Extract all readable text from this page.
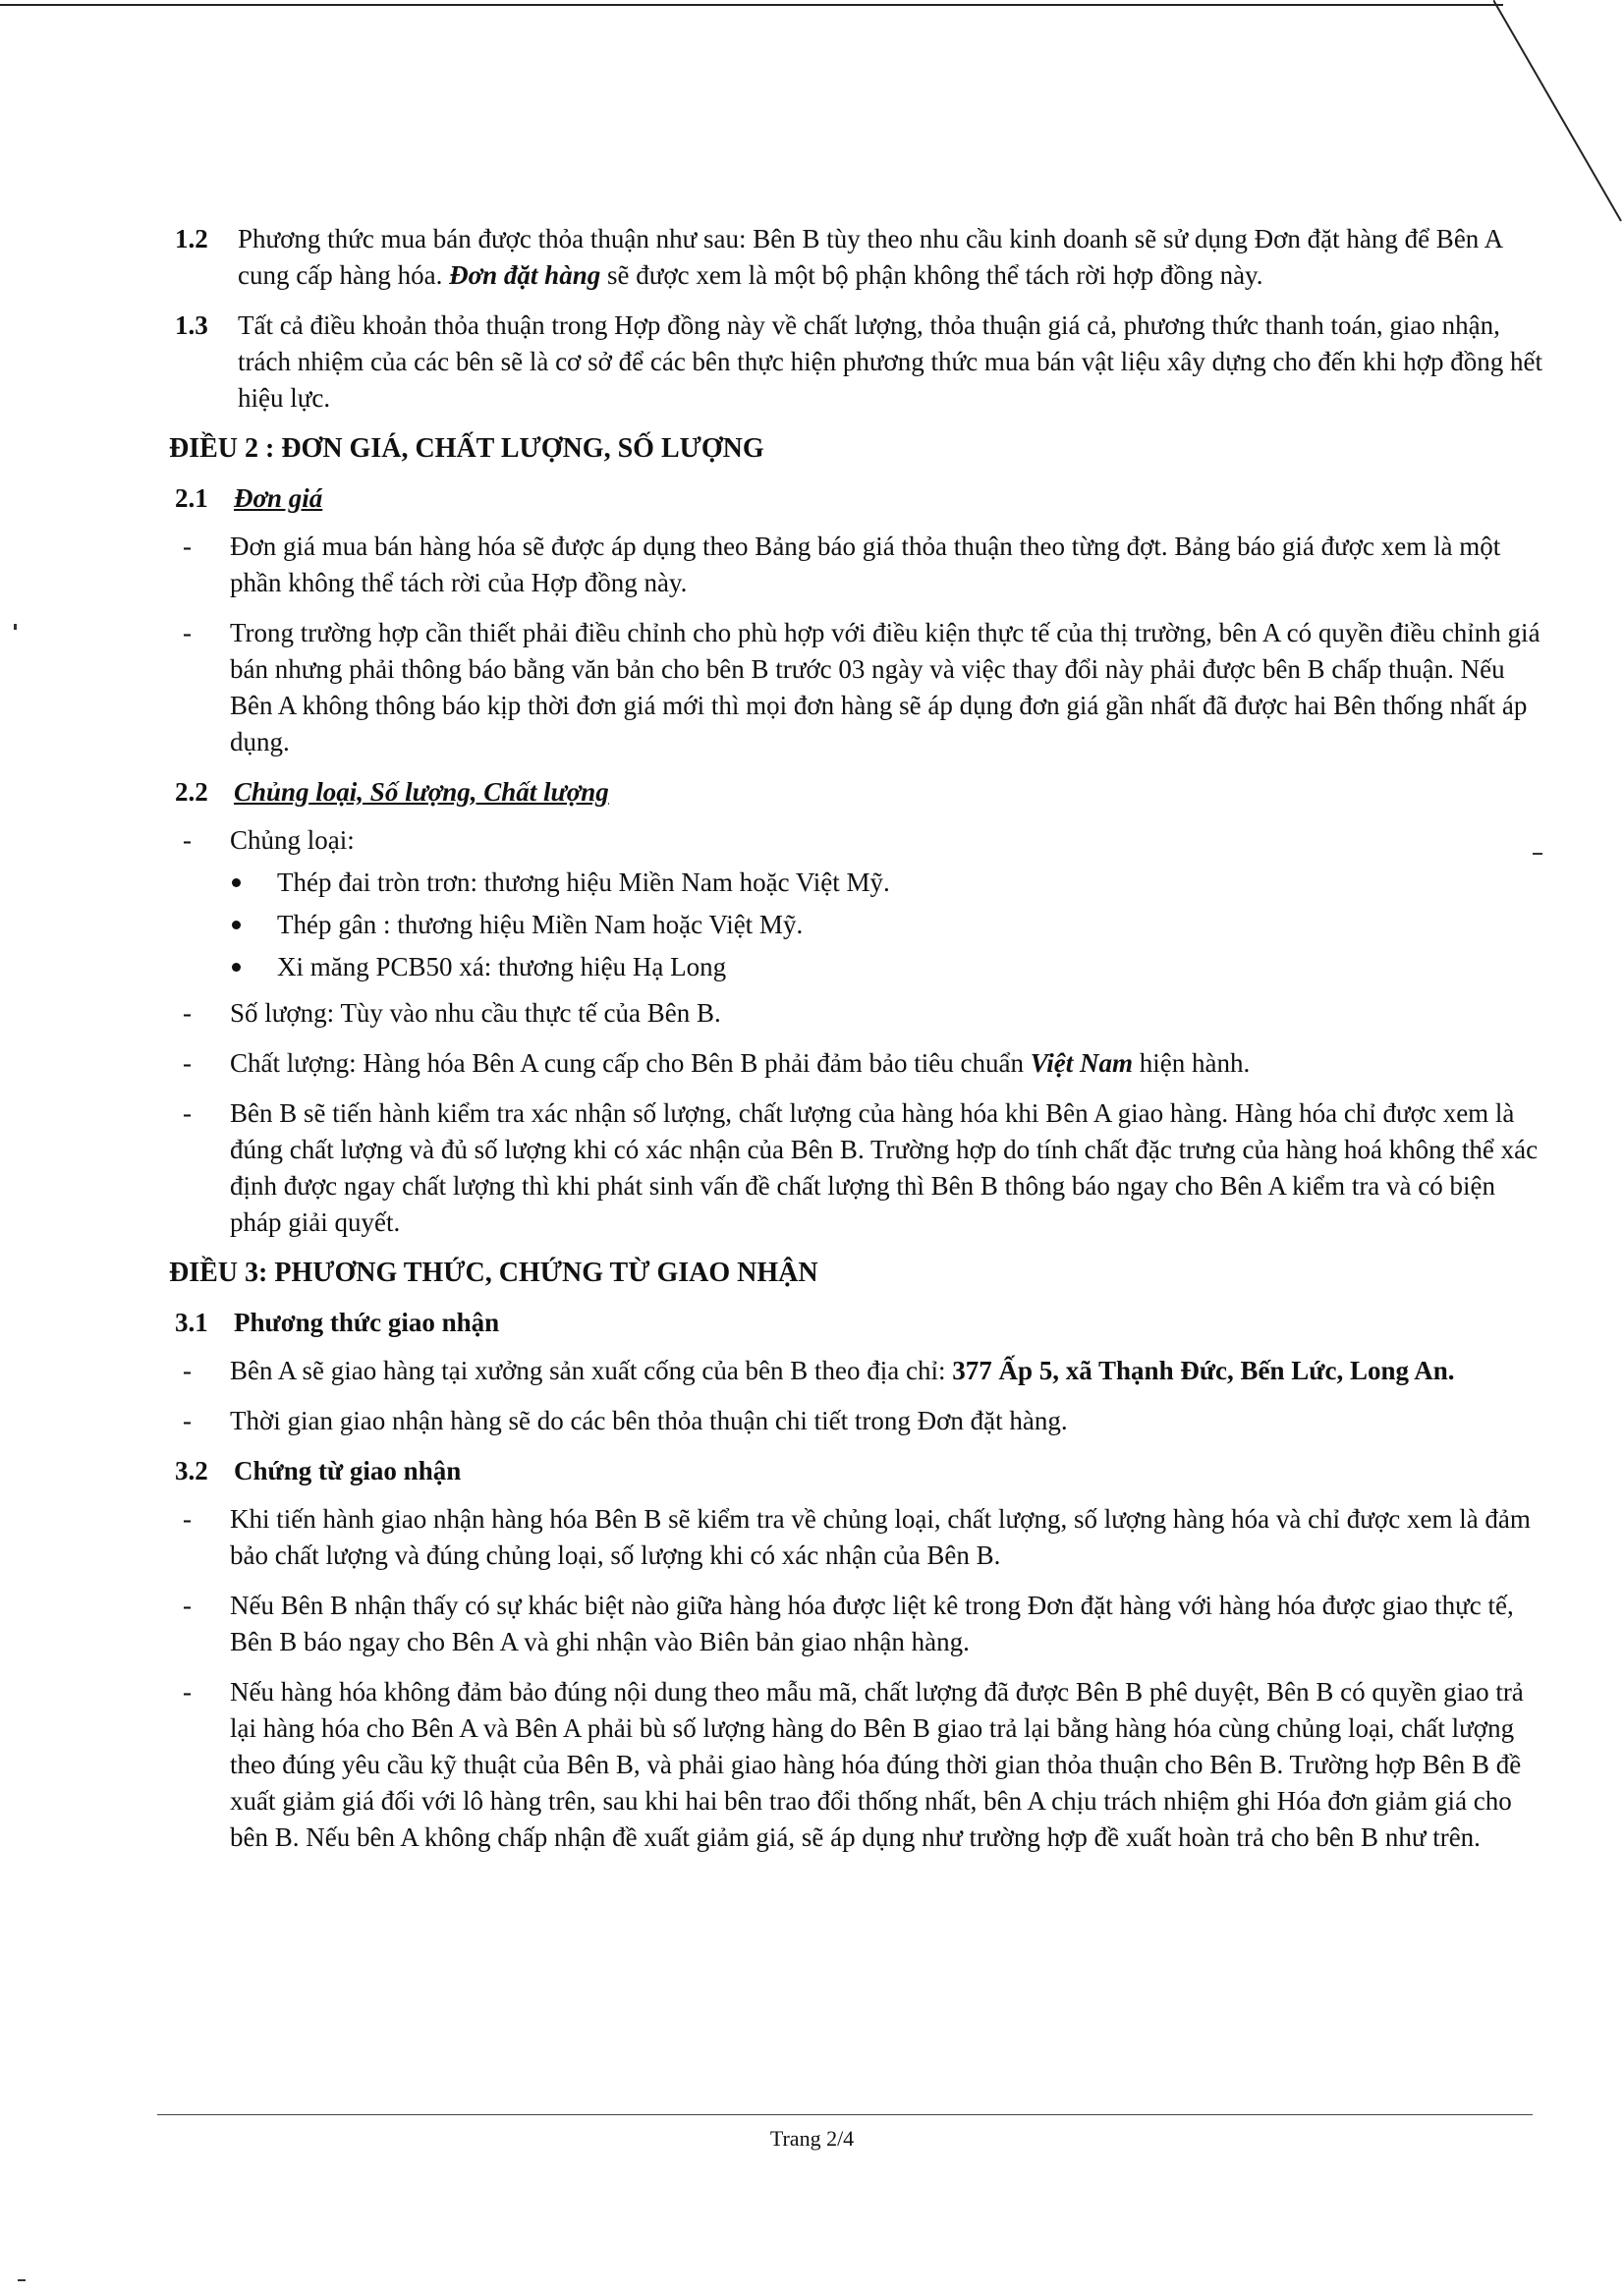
1.2 Phương thức mua bán được thỏa thuận như sau: Bên B tùy theo nhu cầu kinh doanh sẽ sử dụng Đơn đặt hàng để Bên A cung cấp hàng hóa. Đơn đặt hàng sẽ được xem là một bộ phận không thể tách rời hợp đồng này.
1.3 Tất cả điều khoản thỏa thuận trong Hợp đồng này về chất lượng, thỏa thuận giá cả, phương thức thanh toán, giao nhận, trách nhiệm của các bên sẽ là cơ sở để các bên thực hiện phương thức mua bán vật liệu xây dựng cho đến khi hợp đồng hết hiệu lực.
ĐIỀU 2 : ĐƠN GIÁ, CHẤT LƯỢNG, SỐ LƯỢNG
2.1 Đơn giá
- Đơn giá mua bán hàng hóa sẽ được áp dụng theo Bảng báo giá thỏa thuận theo từng đợt. Bảng báo giá được xem là một phần không thể tách rời của Hợp đồng này.
- Trong trường hợp cần thiết phải điều chỉnh cho phù hợp với điều kiện thực tế của thị trường, bên A có quyền điều chỉnh giá bán nhưng phải thông báo bằng văn bản cho bên B trước 03 ngày và việc thay đổi này phải được bên B chấp thuận. Nếu Bên A không thông báo kịp thời đơn giá mới thì mọi đơn hàng sẽ áp dụng đơn giá gần nhất đã được hai Bên thống nhất áp dụng.
2.2 Chủng loại, Số lượng, Chất lượng
- Chủng loại:
Thép đai tròn trơn: thương hiệu Miền Nam hoặc Việt Mỹ.
Thép gân : thương hiệu Miền Nam hoặc Việt Mỹ.
Xi măng PCB50 xá: thương hiệu Hạ Long
- Số lượng: Tùy vào nhu cầu thực tế của Bên B.
- Chất lượng: Hàng hóa Bên A cung cấp cho Bên B phải đảm bảo tiêu chuẩn Việt Nam hiện hành.
- Bên B sẽ tiến hành kiểm tra xác nhận số lượng, chất lượng của hàng hóa khi Bên A giao hàng. Hàng hóa chỉ được xem là đúng chất lượng và đủ số lượng khi có xác nhận của Bên B. Trường hợp do tính chất đặc trưng của hàng hoá không thể xác định được ngay chất lượng thì khi phát sinh vấn đề chất lượng thì Bên B thông báo ngay cho Bên A kiểm tra và có biện pháp giải quyết.
ĐIỀU 3: PHƯƠNG THỨC, CHỨNG TỪ GIAO NHẬN
3.1 Phương thức giao nhận
- Bên A sẽ giao hàng tại xưởng sản xuất cống của bên B theo địa chỉ: 377 Ấp 5, xã Thạnh Đức, Bến Lức, Long An.
- Thời gian giao nhận hàng sẽ do các bên thỏa thuận chi tiết trong Đơn đặt hàng.
3.2 Chứng từ giao nhận
- Khi tiến hành giao nhận hàng hóa Bên B sẽ kiểm tra về chủng loại, chất lượng, số lượng hàng hóa và chỉ được xem là đảm bảo chất lượng và đúng chủng loại, số lượng khi có xác nhận của Bên B.
- Nếu Bên B nhận thấy có sự khác biệt nào giữa hàng hóa được liệt kê trong Đơn đặt hàng với hàng hóa được giao thực tế, Bên B báo ngay cho Bên A và ghi nhận vào Biên bản giao nhận hàng.
- Nếu hàng hóa không đảm bảo đúng nội dung theo mẫu mã, chất lượng đã được Bên B phê duyệt, Bên B có quyền giao trả lại hàng hóa cho Bên A và Bên A phải bù số lượng hàng do Bên B giao trả lại bằng hàng hóa cùng chủng loại, chất lượng theo đúng yêu cầu kỹ thuật của Bên B, và phải giao hàng hóa đúng thời gian thỏa thuận cho Bên B. Trường hợp Bên B đề xuất giảm giá đối với lô hàng trên, sau khi hai bên trao đổi thống nhất, bên A chịu trách nhiệm ghi Hóa đơn giảm giá cho bên B. Nếu bên A không chấp nhận đề xuất giảm giá, sẽ áp dụng như trường hợp đề xuất hoàn trả cho bên B như trên.
Trang 2/4
